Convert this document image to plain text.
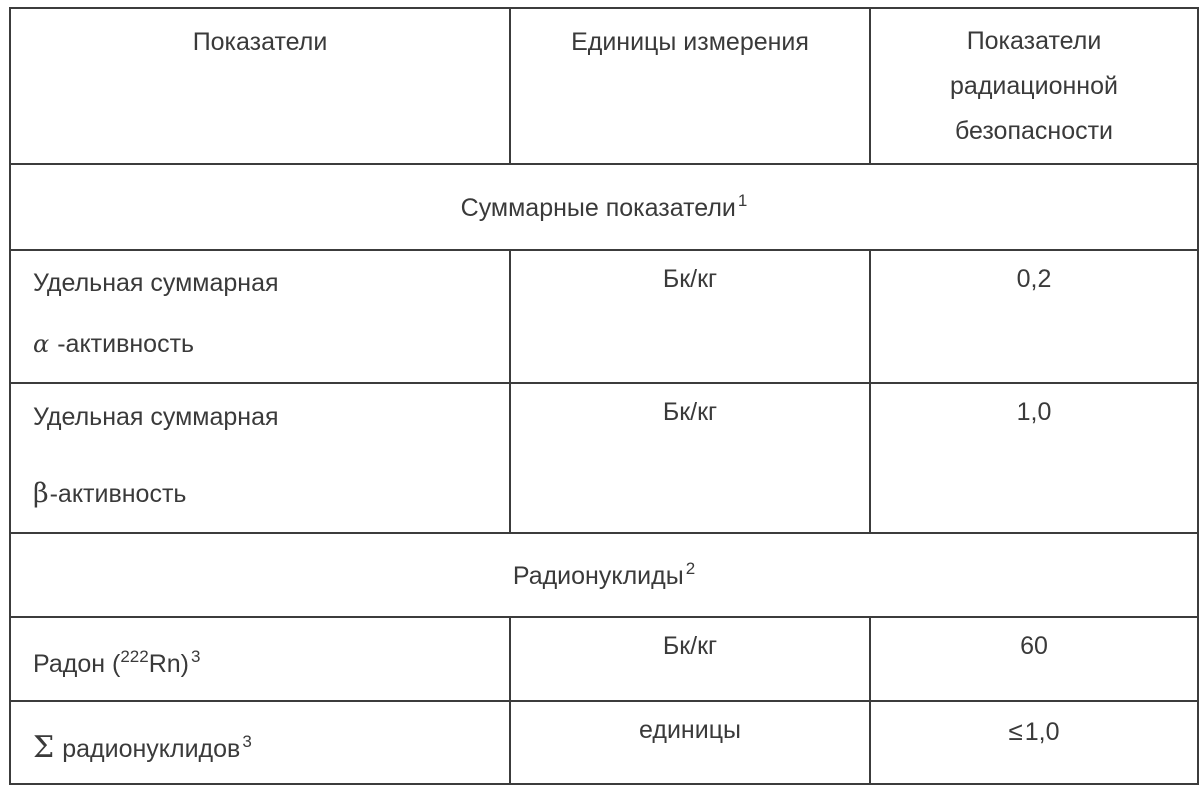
Показатели	Единицы измерения	Показатели
радиационной
безопасности

Суммарные показатели $^1$

Удельная суммарная
α -активность	Бк/кг	0,2

Удельная суммарная
β-активность	Бк/кг	1,0
Радионуклиды $^2$
Радон ($^{222}$Rn) $^3$	Бк/кг	60
Σ радионуклидов $^3$	единицы	≤1,0
